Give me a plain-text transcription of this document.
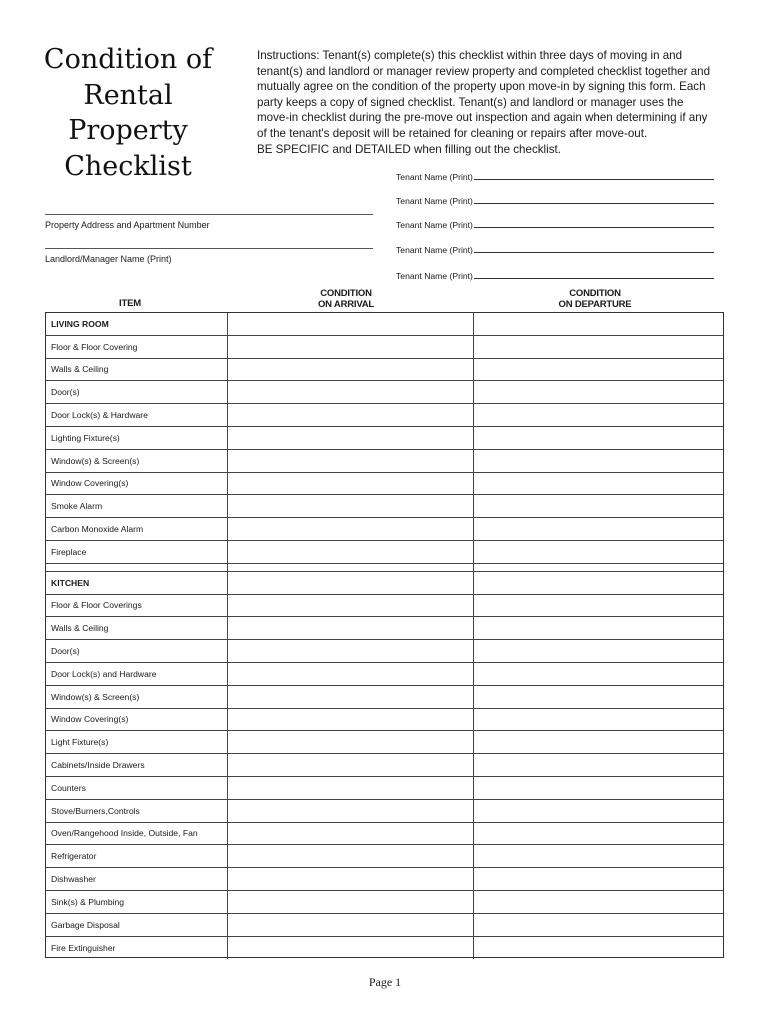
Condition of
Rental
Property
Checklist

Instructions: Tenant(s) complete(s) this checklist within three days of moving in and

tenant(s) and landlord or manager review property and completed checklist together and

mutually agree on the condition of the property upon move-in by signing this form. Each

party keeps a copy of signed checklist. Tenant(s) and landlord or manager uses the

move-in checklist during the pre-move out inspection and again when determining if any

of the tenant's deposit will be retained for cleaning or repairs after move-out.

BE SPECIFIC and DETAILED when filling out the checklist.

Tenant Name (Print)
Tenant Name (Print)
Tenant Name (Print)
Tenant Name (Print)
Tenant Name (Print)
Property Address and Apartment Number
Landlord/Manager Name (Print)
ITEM
CONDITION
ON ARRIVAL
CONDITION
ON DEPARTURE
LIVING ROOM
Floor & Floor Covering
Walls & Ceiling
Door(s)
Door Lock(s) & Hardware
Lighting Fixture(s)
Window(s) & Screen(s)
Window Covering(s)
Smoke Alarm
Carbon Monoxide Alarm
Fireplace
KITCHEN
Floor & Floor Coverings
Walls & Ceiling
Door(s)
Door Lock(s) and Hardware
Window(s) & Screen(s)
Window Covering(s)
Light Fixture(s)
Cabinets/Inside Drawers
Counters
Stove/Burners,Controls
Oven/Rangehood Inside, Outside, Fan
Refrigerator
Dishwasher
Sink(s) & Plumbing
Garbage Disposal
Fire Extinguisher
Page 1
